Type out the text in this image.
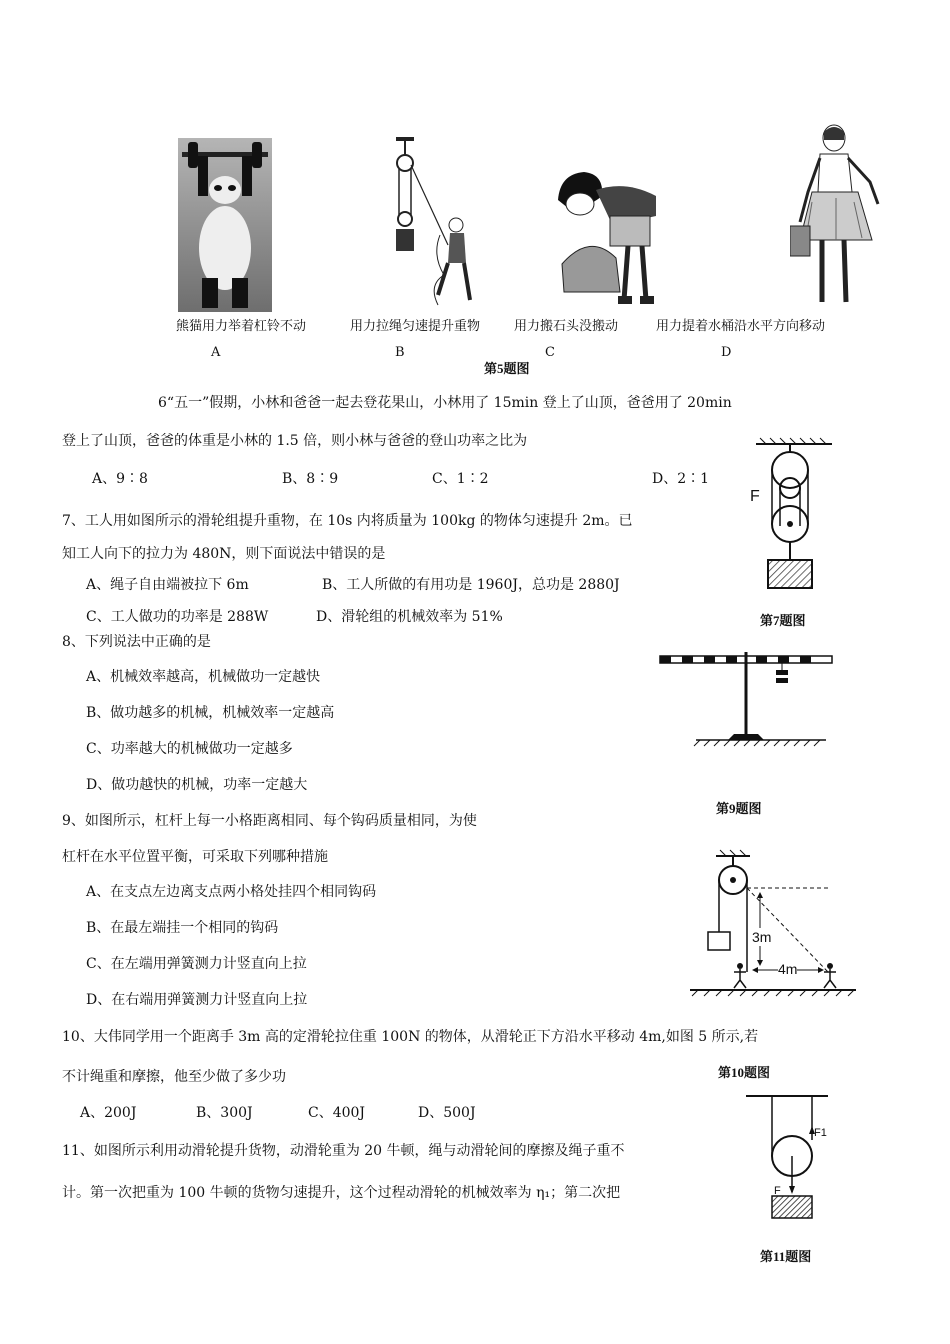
熊猫用力举着杠铃不动	用力拉绳匀速提升重物	用力搬石头没搬动	用力提着水桶沿水平方向移动
A	B	C	D
第5题图
6“五一”假期，小林和爸爸一起去登花果山，小林用了 15min 登上了山顶，爸爸用了 20min
登上了山顶，爸爸的体重是小林的 1.5 倍，则小林与爸爸的登山功率之比为
A、9∶8	B、8∶9	C、1∶2	D、2∶1
7、工人用如图所示的滑轮组提升重物，在 10s 内将质量为 100kg 的物体匀速提升 2m。已
知工人向下的拉力为 480N，则下面说法中错误的是
A、绳子自由端被拉下 6m	B、工人所做的有用功是 1960J，总功是 2880J
C、工人做功的功率是 288W	D、滑轮组的机械效率为 51%
F
第7题图
8、下列说法中正确的是
A、机械效率越高，机械做功一定越快
B、做功越多的机械，机械效率一定越高
C、功率越大的机械做功一定越多
D、做功越快的机械，功率一定越大
第9题图
9、如图所示，杠杆上每一小格距离相同、每个钩码质量相同，为使
杠杆在水平位置平衡，可采取下列哪种措施
A、在支点左边离支点两小格处挂四个相同钩码
B、在最左端挂一个相同的钩码
C、在左端用弹簧测力计竖直向上拉
D、在右端用弹簧测力计竖直向上拉
3m
4m
10、大伟同学用一个距离手 3m 高的定滑轮拉住重 100N 的物体，从滑轮正下方沿水平移动 4m,如图 5 所示,若
不计绳重和摩擦，他至少做了多少功	第10题图
A、200J	B、300J	C、400J	D、500J
F1
F
11、如图所示利用动滑轮提升货物，动滑轮重为 20 牛顿，绳与动滑轮间的摩擦及绳子重不
计。第一次把重为 100 牛顿的货物匀速提升，这个过程动滑轮的机械效率为 η₁；第二次把
第11题图
